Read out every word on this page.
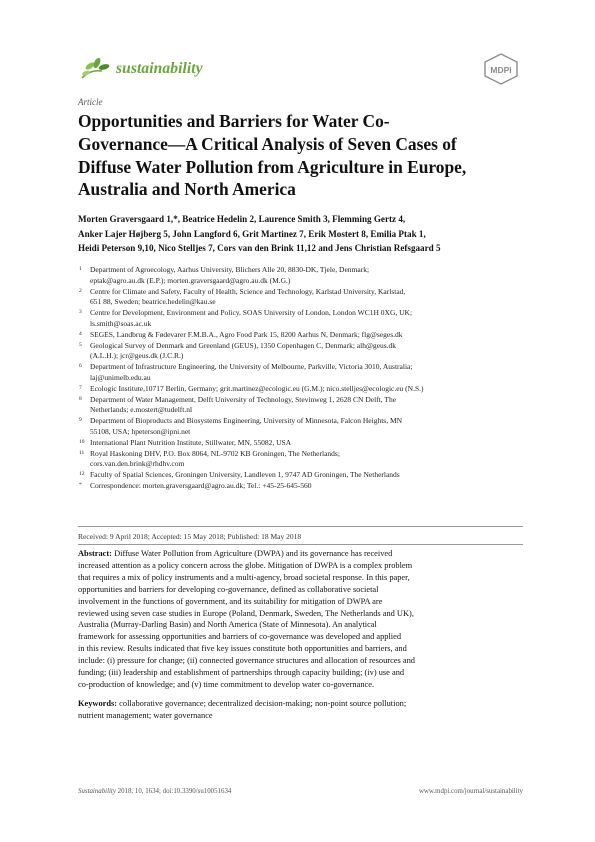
sustainability	MDPI
Article
Opportunities and Barriers for Water Co-
Governance—A Critical Analysis of Seven Cases of
Diffuse Water Pollution from Agriculture in Europe,
Australia and North America
Morten Graversgaard 1,*, Beatrice Hedelin 2, Laurence Smith 3, Flemming Gertz 4,
Anker Lajer Højberg 5, John Langford 6, Grit Martinez 7, Erik Mostert 8, Emilia Ptak 1,
Heidi Peterson 9,10, Nico Stelljes 7, Cors van den Brink 11,12 and Jens Christian Refsgaard 5
1 Department of Agroecology, Aarhus University, Blichers Alle 20, 8830-DK, Tjele, Denmark;
eptak@agro.au.dk (E.P.); morten.graversgaard@agro.au.dk (M.G.)
2 Centre for Climate and Safety, Faculty of Health, Science and Technology, Karlstad University, Karlstad,
651 88, Sweden; beatrice.hedelin@kau.se
3 Centre for Development, Environment and Policy, SOAS University of London, London WC1H 0XG, UK;
ls.smith@soas.ac.uk
4 SEGES, Landbrug & Fødevarer F.M.B.A., Agro Food Park 15, 8200 Aarhus N, Denmark; flg@seges.dk
5 Geological Survey of Denmark and Greenland (GEUS), 1350 Copenhagen C, Denmark; alh@geus.dk
(A.L.H.); jcr@geus.dk (J.C.R.)
6 Department of Infrastructure Engineering, the University of Melbourne, Parkville, Victoria 3010, Australia;
laj@unimelb.edu.au
7 Ecologic Institute,10717 Berlin, Germany; grit.martinez@ecologic.eu (G.M.); nico.stelljes@ecologic.eu (N.S.)
8 Department of Water Management, Delft University of Technology, Stevinweg 1, 2628 CN Delft, The
Netherlands; e.mostert@tudelft.nl
9 Department of Bioproducts and Biosystems Engineering, University of Minnesota, Falcon Heights, MN
55108, USA; hpeterson@ipni.net
10 International Plant Nutrition Institute, Stillwater, MN, 55082, USA
11 Royal Haskoning DHV, P.O. Box 8064, NL-9702 KB Groningen, The Netherlands;
cors.van.den.brink@rhdhv.com
12 Faculty of Spatial Sciences, Groningen University, Landleven 1, 9747 AD Groningen, The Netherlands
* Correspondence: morten.graversgaard@agro.au.dk; Tel.: +45-25-645-560
Received: 9 April 2018; Accepted: 15 May 2018; Published: 18 May 2018
Abstract: Diffuse Water Pollution from Agriculture (DWPA) and its governance has received
increased attention as a policy concern across the globe. Mitigation of DWPA is a complex problem
that requires a mix of policy instruments and a multi-agency, broad societal response. In this paper,
opportunities and barriers for developing co-governance, defined as collaborative societal
involvement in the functions of government, and its suitability for mitigation of DWPA are
reviewed using seven case studies in Europe (Poland, Denmark, Sweden, The Netherlands and UK),
Australia (Murray-Darling Basin) and North America (State of Minnesota). An analytical
framework for assessing opportunities and barriers of co-governance was developed and applied
in this review. Results indicated that five key issues constitute both opportunities and barriers, and
include: (i) pressure for change; (ii) connected governance structures and allocation of resources and
funding; (iii) leadership and establishment of partnerships through capacity building; (iv) use and
co-production of knowledge; and (v) time commitment to develop water co-governance.
Keywords: collaborative governance; decentralized decision-making; non-point source pollution;
nutrient management; water governance
Sustainability 2018, 10, 1634; doi:10.3390/su10051634	www.mdpi.com/journal/sustainability
